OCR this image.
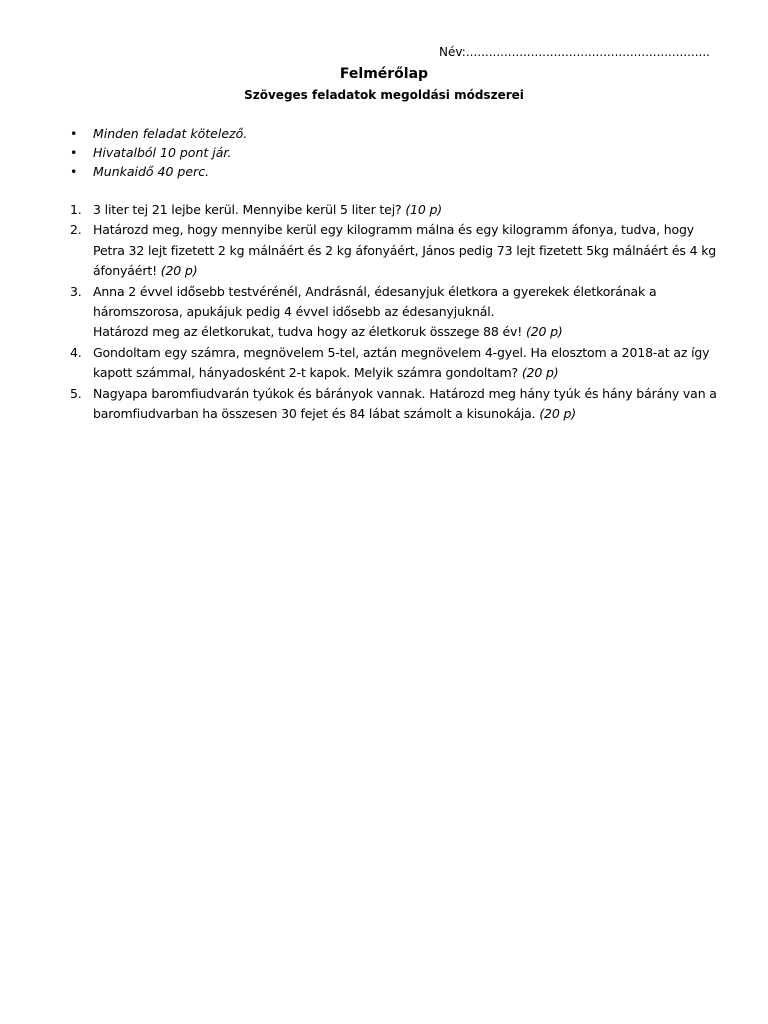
Név:................................................................
Felmérőlap
Szöveges feladatok megoldási módszerei
• Minden feladat kötelező.
• Hivatalból 10 pont jár.
• Munkaidő 40 perc.
1. 3 liter tej 21 lejbe kerül. Mennyibe kerül 5 liter tej? (10 p)
2. Határozd meg, hogy mennyibe kerül egy kilogramm málna és egy kilogramm áfonya, tudva, hogy
Petra 32 lejt fizetett 2 kg málnáért és 2 kg áfonyáért, János pedig 73 lejt fizetett 5kg málnáért és 4 kg
áfonyáért! (20 p)
3. Anna 2 évvel idősebb testvérénél, Andrásnál, édesanyjuk életkora a gyerekek életkorának a
háromszorosa, apukájuk pedig 4 évvel idősebb az édesanyjuknál.
Határozd meg az életkorukat, tudva hogy az életkoruk összege 88 év! (20 p)
4. Gondoltam egy számra, megnövelem 5-tel, aztán megnövelem 4-gyel. Ha elosztom a 2018-at az így
kapott számmal, hányadosként 2-t kapok. Melyik számra gondoltam? (20 p)
5. Nagyapa baromfiudvarán tyúkok és bárányok vannak. Határozd meg hány tyúk és hány bárány van a
baromfiudvarban ha összesen 30 fejet és 84 lábat számolt a kisunokája. (20 p)
